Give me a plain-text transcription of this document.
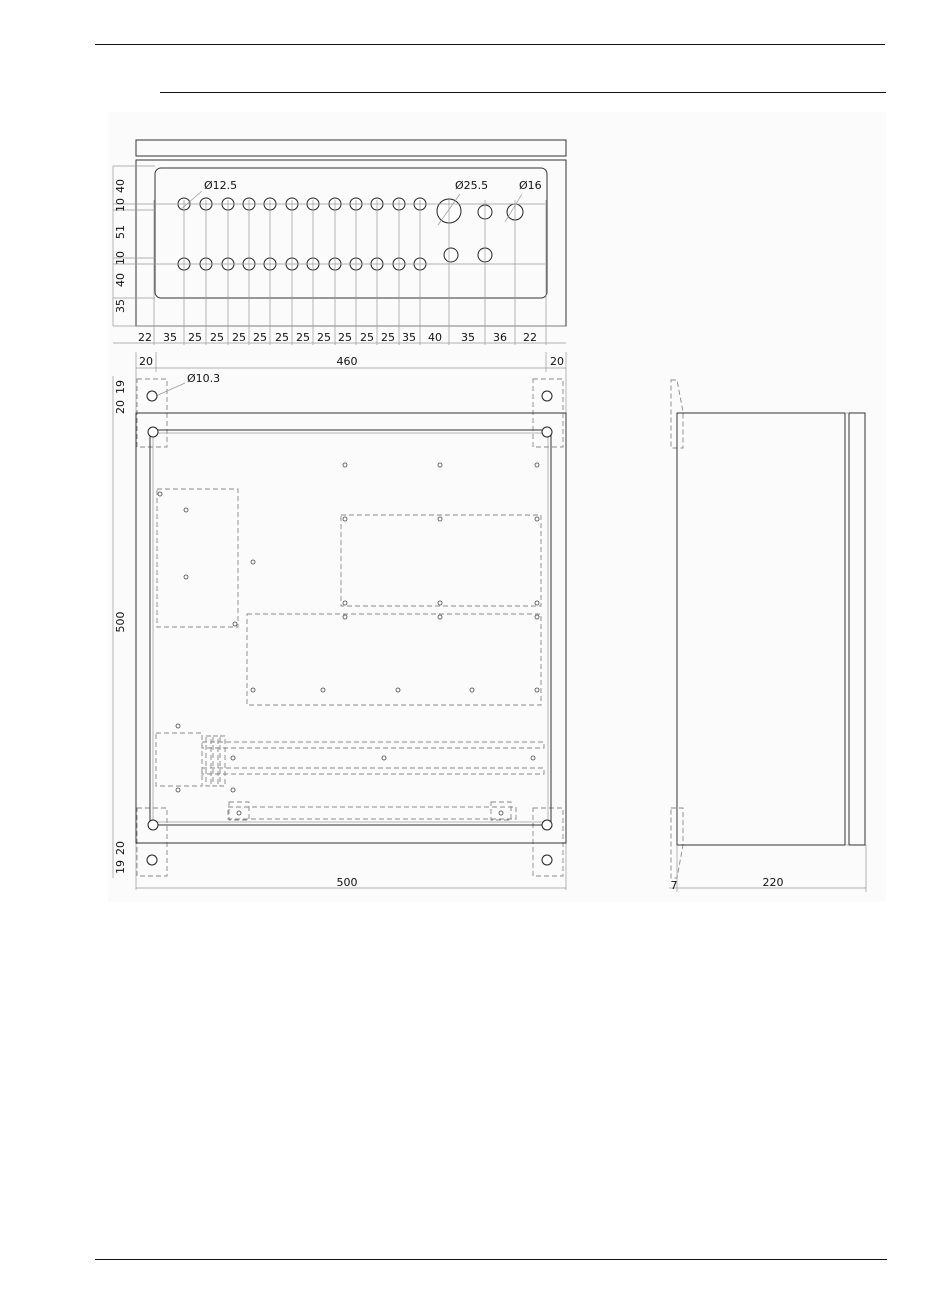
40
10
51
10
40
35
22 35 25 25 25 25 25 25 25 25 25 25 35 40 35 36 22
Ø12.5	Ø25.5	Ø16
20	460	20
Ø10.3
20
19
500
20
19
500	7	220
